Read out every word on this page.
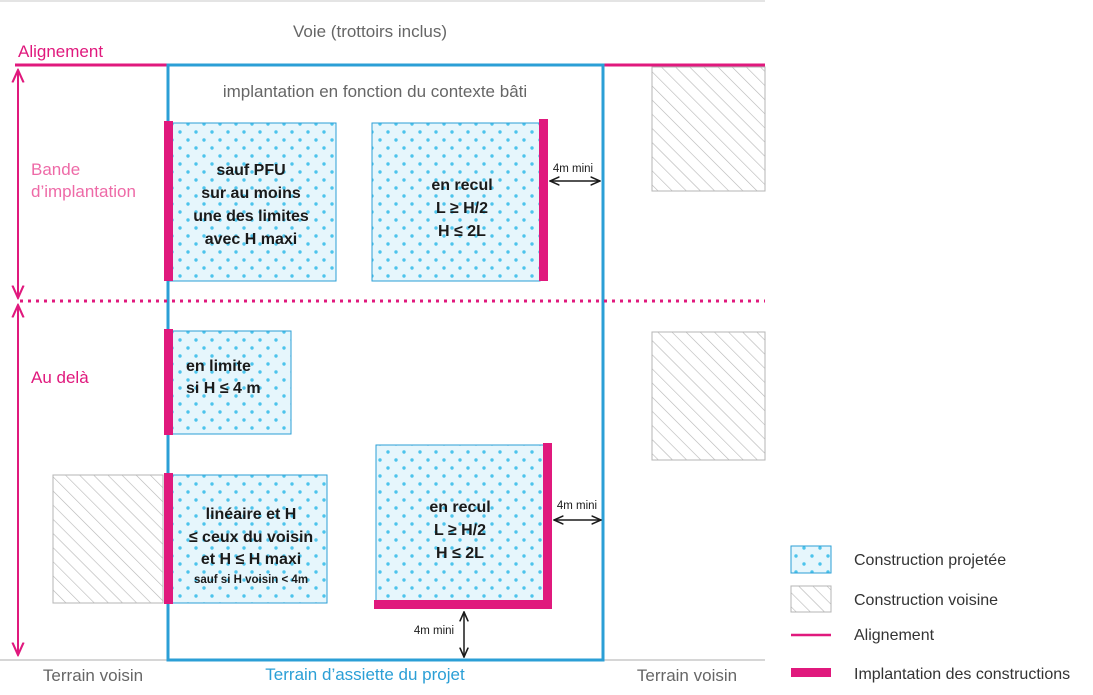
Voie (trottoirs inclus)
Alignement
implantation en fonction du contexte bâti
Bande
d’implantation
Au delà
sauf PFU
sur au moins
une des limites
avec H maxi
en recul
L ≥ H/2
H ≤ 2L
4m mini
en limite
si H ≤ 4 m
linéaire et H
≤ ceux du voisin
et H ≤ H maxi
sauf si H voisin < 4m
en recul
L ≥ H/2
H ≤ 2L
4m mini
4m mini
Terrain voisin	Terrain d’assiette du projet	Terrain voisin
Construction projetée
Construction voisine
Alignement
Implantation des constructions
